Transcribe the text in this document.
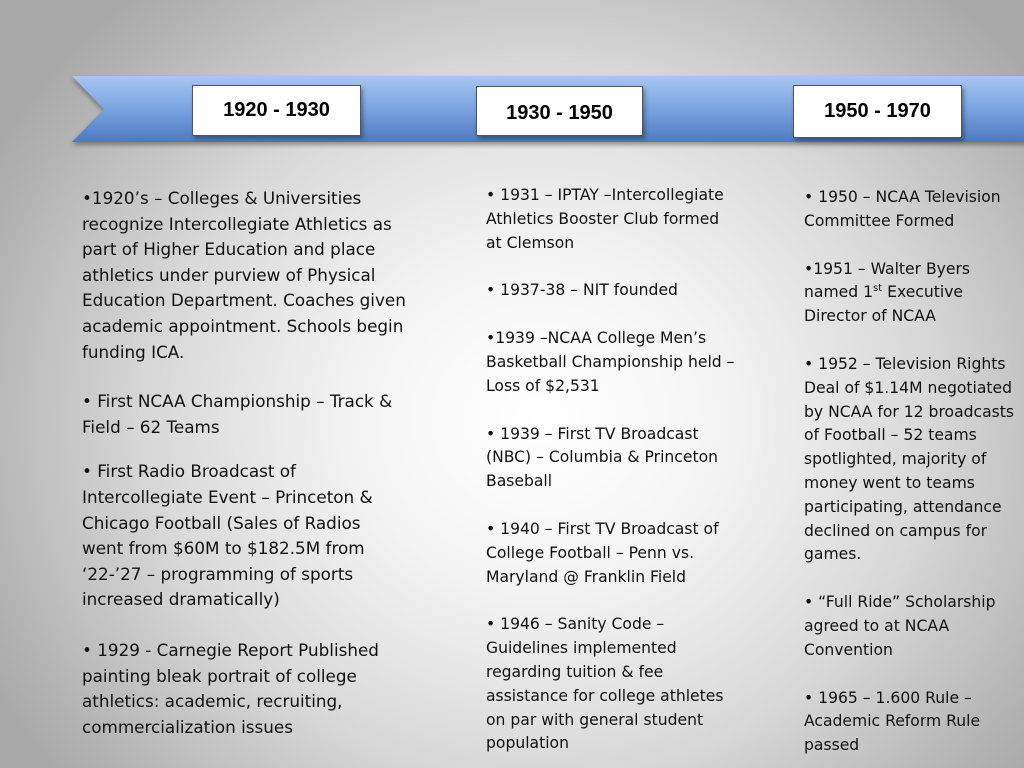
1920 - 1930	1930 - 1950	1950 - 1970

•1920’s – Colleges & Universities recognize Intercollegiate Athletics as part of Higher Education and place athletics under purview of Physical Education Department. Coaches given academic appointment. Schools begin funding ICA.

• First NCAA Championship – Track & Field – 62 Teams

• First Radio Broadcast of Intercollegiate Event – Princeton & Chicago Football (Sales of Radios went from $60M to $182.5M from ‘22-’27 – programming of sports increased dramatically)

• 1929 - Carnegie Report Published painting bleak portrait of college athletics: academic, recruiting, commercialization issues

• 1931 – IPTAY –Intercollegiate Athletics Booster Club formed at Clemson

• 1937-38 – NIT founded

•1939 –NCAA College Men’s Basketball Championship held – Loss of $2,531

• 1939 – First TV Broadcast (NBC) – Columbia & Princeton Baseball

• 1940 – First TV Broadcast of College Football – Penn vs. Maryland @ Franklin Field

• 1946 – Sanity Code – Guidelines implemented regarding tuition & fee assistance for college athletes on par with general student population

• 1950 – NCAA Television Committee Formed

•1951 – Walter Byers named 1st Executive Director of NCAA

• 1952 – Television Rights Deal of $1.14M negotiated by NCAA for 12 broadcasts of Football – 52 teams spotlighted, majority of money went to teams participating, attendance declined on campus for games.

• “Full Ride” Scholarship agreed to at NCAA Convention

• 1965 – 1.600 Rule – Academic Reform Rule passed
